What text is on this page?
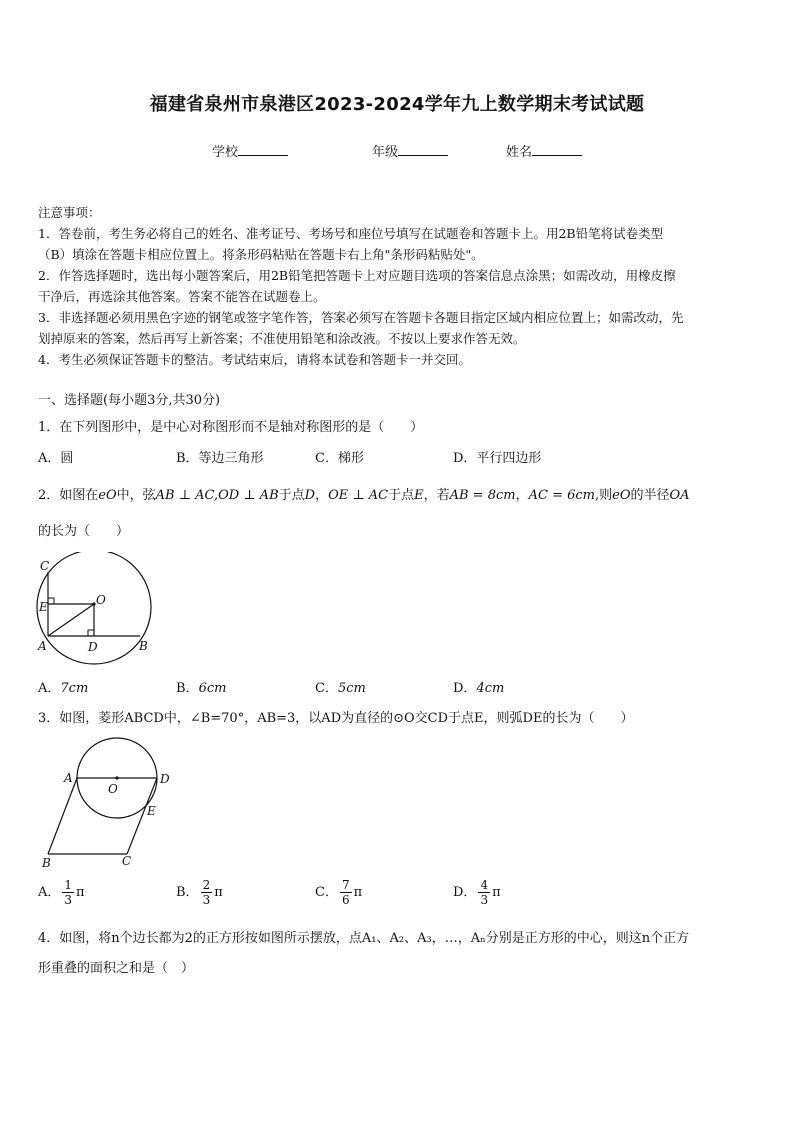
福建省泉州市泉港区2023-2024学年九上数学期末考试试题
学校	年级	姓名
注意事项：
1．答卷前，考生务必将自己的姓名、准考证号、考场号和座位号填写在试题卷和答题卡上。用2B铅笔将试卷类型
（B）填涂在答题卡相应位置上。将条形码粘贴在答题卡右上角"条形码粘贴处"。
2．作答选择题时，选出每小题答案后，用2B铅笔把答题卡上对应题目选项的答案信息点涂黑；如需改动，用橡皮擦
干净后，再选涂其他答案。答案不能答在试题卷上。
3．非选择题必须用黑色字迹的钢笔或签字笔作答，答案必须写在答题卡各题目指定区域内相应位置上；如需改动，先
划掉原来的答案，然后再写上新答案；不准使用铅笔和涂改液。不按以上要求作答无效。
4．考生必须保证答题卡的整洁。考试结束后，请将本试卷和答题卡一并交回。
一、选择题(每小题3分,共30分)
1．在下列图形中，是中心对称图形而不是轴对称图形的是（　　）
A．圆	B．等边三角形	C．梯形	D．平行四边形
2．如图在eO中，弦AB ⊥ AC,OD ⊥ AB于点D，OE ⊥ AC于点E，若AB = 8cm，AC = 6cm,则eO的半径OA
的长为（　　）
C
E
A
O
D	B
A．7cm	B．6cm	C．5cm	D．4cm
3．如图，菱形ABCD中，∠B=70°，AB=3，以AD为直径的⊙O交CD于点E，则弧DE的长为（　　）
A
O
D
E
B	C
A． $\frac{1}{3}$ π	B． $\frac{2}{3}$ π	C． $\frac{7}{6}$ π	D． $\frac{4}{3}$ π
4．如图，将n个边长都为2的正方形按如图所示摆放，点A₁、A₂、A₃，…，Aₙ分别是正方形的中心，则这n个正方
形重叠的面积之和是（　）
